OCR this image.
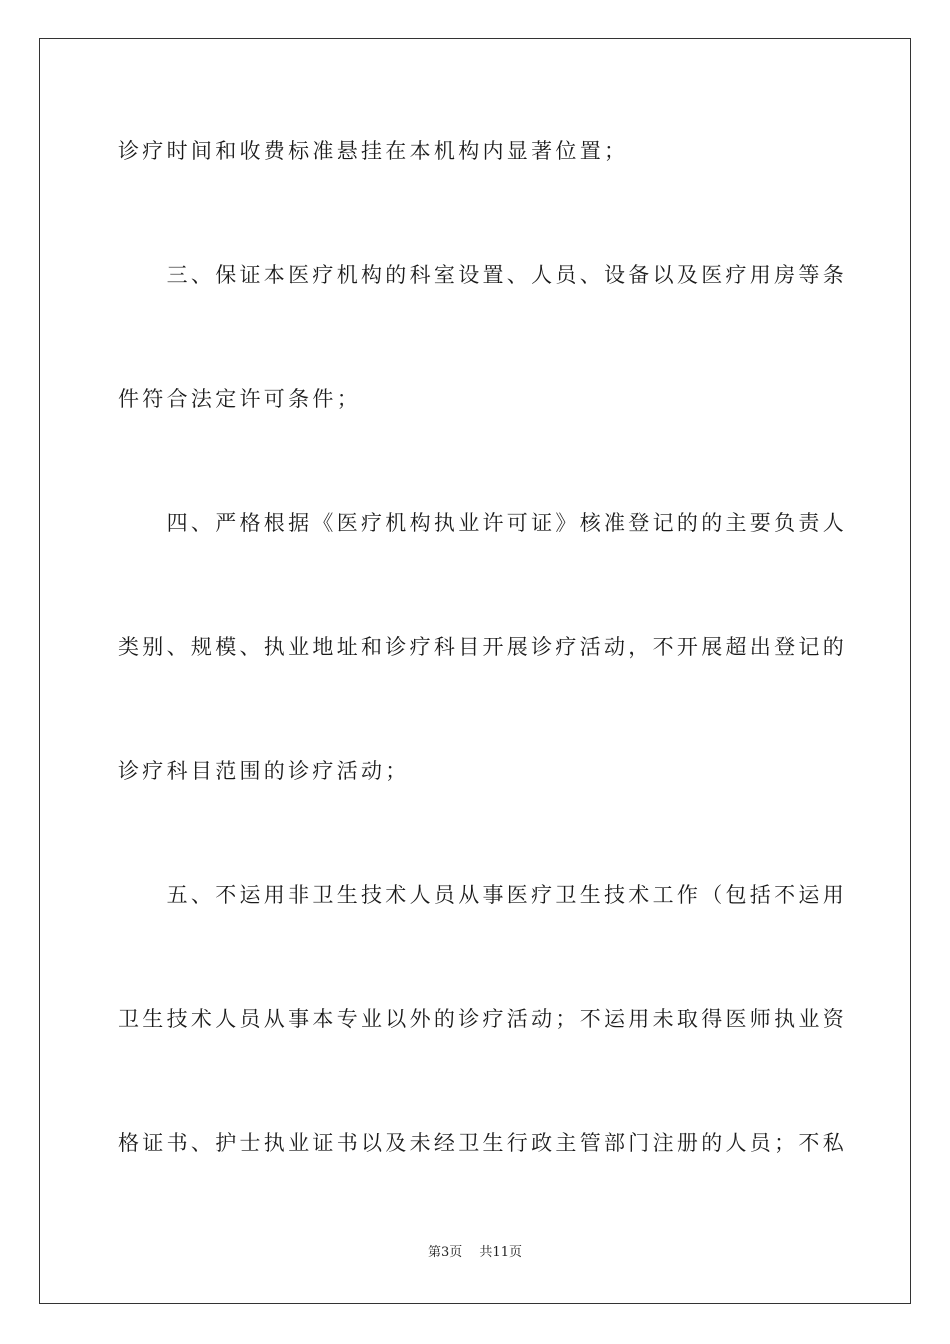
诊疗时间和收费标准悬挂在本机构内显著位置；
　　三、保证本医疗机构的科室设置、人员、设备以及医疗用房等条
件符合法定许可条件；
　　四、严格根据《医疗机构执业许可证》核准登记的的主要负责人
类别、规模、执业地址和诊疗科目开展诊疗活动，不开展超出登记的
诊疗科目范围的诊疗活动；
　　五、不运用非卫生技术人员从事医疗卫生技术工作（包括不运用
卫生技术人员从事本专业以外的诊疗活动；不运用未取得医师执业资
格证书、护士执业证书以及未经卫生行政主管部门注册的人员；不私
第3页　 共11页
